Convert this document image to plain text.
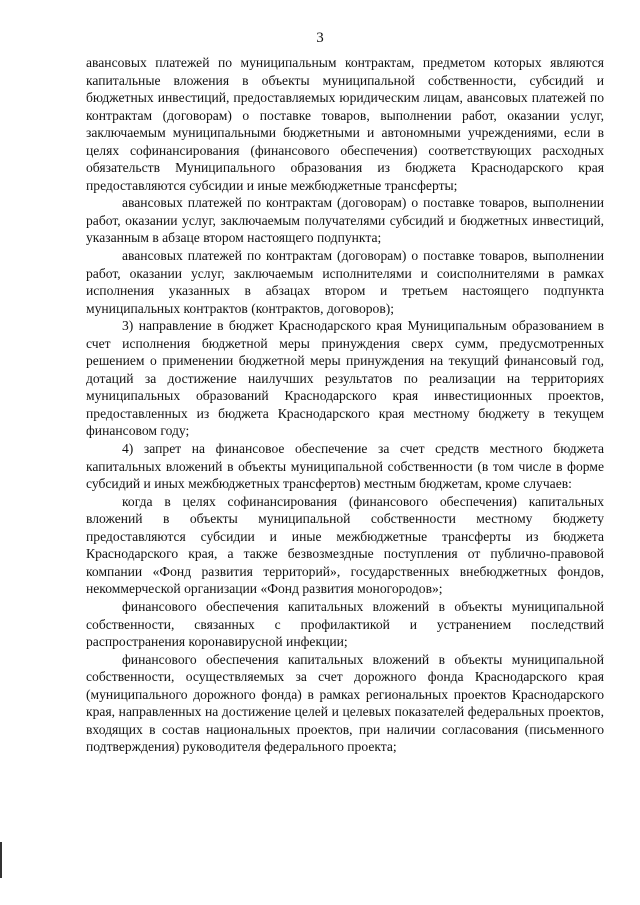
3

авансовых платежей по муниципальным контрактам, предметом которых являются капитальные вложения в объекты муниципальной собственности, субсидий и бюджетных инвестиций, предоставляемых юридическим лицам, авансовых платежей по контрактам (договорам) о поставке товаров, выполнении работ, оказании услуг, заключаемым муниципальными бюджетными и автономными учреждениями, если в целях софинансирования (финансового обеспечения) соответствующих расходных обязательств Муниципального образования из бюджета Краснодарского края предоставляются субсидии и иные межбюджетные трансферты;

авансовых платежей по контрактам (договорам) о поставке товаров, выполнении работ, оказании услуг, заключаемым получателями субсидий и бюджетных инвестиций, указанным в абзаце втором настоящего подпункта;

авансовых платежей по контрактам (договорам) о поставке товаров, выполнении работ, оказании услуг, заключаемым исполнителями и соисполнителями в рамках исполнения указанных в абзацах втором и третьем настоящего подпункта муниципальных контрактов (контрактов, договоров);

3) направление в бюджет Краснодарского края Муниципальным образованием в счет исполнения бюджетной меры принуждения сверх сумм, предусмотренных решением о применении бюджетной меры принуждения на текущий финансовый год, дотаций за достижение наилучших результатов по реализации на территориях муниципальных образований Краснодарского края инвестиционных проектов, предоставленных из бюджета Краснодарского края местному бюджету в текущем финансовом году;

4) запрет на финансовое обеспечение за счет средств местного бюджета капитальных вложений в объекты муниципальной собственности (в том числе в форме субсидий и иных межбюджетных трансфертов) местным бюджетам, кроме случаев:

когда в целях софинансирования (финансового обеспечения) капитальных вложений в объекты муниципальной собственности местному бюджету предоставляются субсидии и иные межбюджетные трансферты из бюджета Краснодарского края, а также безвозмездные поступления от публично-правовой компании «Фонд развития территорий», государственных внебюджетных фондов, некоммерческой организации «Фонд развития моногородов»;

финансового обеспечения капитальных вложений в объекты муниципальной собственности, связанных с профилактикой и устранением последствий распространения коронавирусной инфекции;

финансового обеспечения капитальных вложений в объекты муниципальной собственности, осуществляемых за счет дорожного фонда Краснодарского края (муниципального дорожного фонда) в рамках региональных проектов Краснодарского края, направленных на достижение целей и целевых показателей федеральных проектов, входящих в состав национальных проектов, при наличии согласования (письменного подтверждения) руководителя федерального проекта;
